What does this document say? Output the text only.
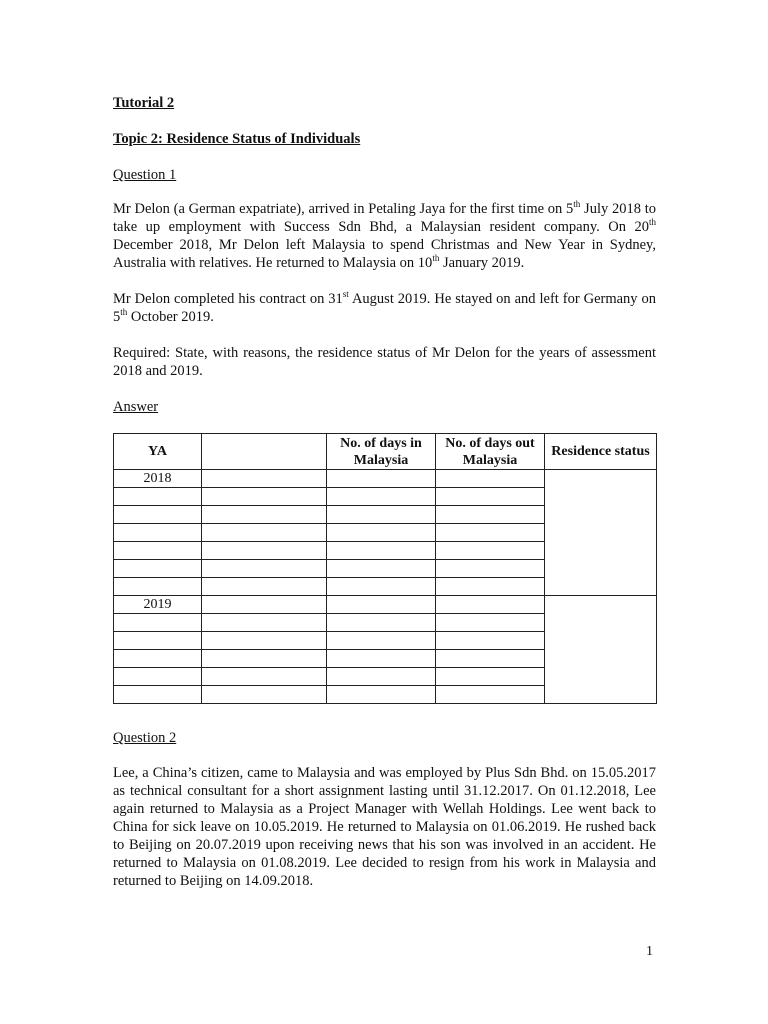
Tutorial 2
Topic 2: Residence Status of Individuals
Question 1
Mr Delon (a German expatriate), arrived in Petaling Jaya for the first time on 5th July 2018 to take up employment with Success Sdn Bhd, a Malaysian resident company. On 20th December 2018, Mr Delon left Malaysia to spend Christmas and New Year in Sydney, Australia with relatives. He returned to Malaysia on 10th January 2019.
Mr Delon completed his contract on 31st August 2019. He stayed on and left for Germany on 5th October 2019.
Required: State, with reasons, the residence status of Mr Delon for the years of assessment 2018 and 2019.
Answer
YA		No. of days in Malaysia	No. of days out Malaysia	Residence status
2018				

2019				

Question 2
Lee, a China’s citizen, came to Malaysia and was employed by Plus Sdn Bhd. on 15.05.2017 as technical consultant for a short assignment lasting until 31.12.2017. On 01.12.2018, Lee again returned to Malaysia as a Project Manager with Wellah Holdings. Lee went back to China for sick leave on 10.05.2019. He returned to Malaysia on 01.06.2019. He rushed back to Beijing on 20.07.2019 upon receiving news that his son was involved in an accident. He returned to Malaysia on 01.08.2019. Lee decided to resign from his work in Malaysia and returned to Beijing on 14.09.2018.
1
